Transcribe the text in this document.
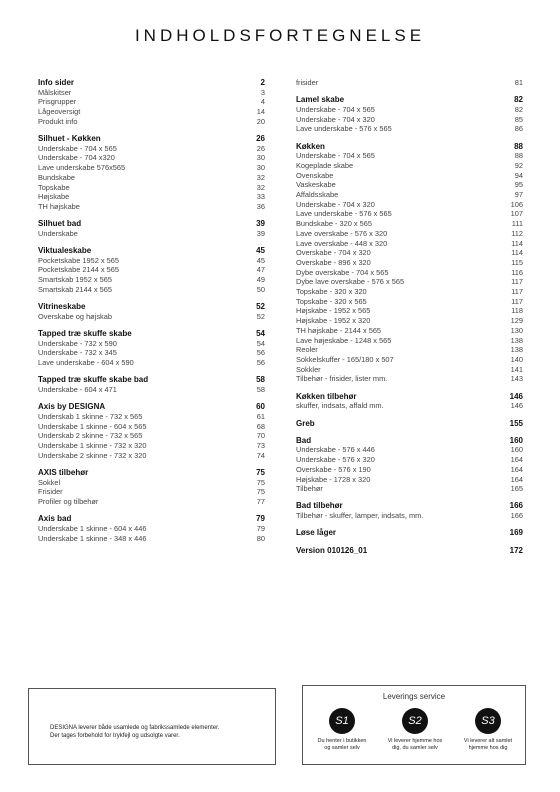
INDHOLDSFORTEGNELSE
Info sider	2
Målskitser	3
Prisgrupper	4
Lågeoversigt	14
Produkt info	20
Silhuet - Køkken	26
Underskabe - 704 x 565	26
Underskabe - 704 x320	30
Lave underskabe 576x565	30
Bundskabe	32
Topskabe	32
Højskabe	33
TH højskabe	36
Silhuet bad	39
Underskabe	39
Viktualeskabe	45
Pocketskabe 1952 x 565	45
Pocketskabe 2144 x 565	47
Smartskab 1952 x 565	49
Smartskab 2144 x 565	50
Vitrineskabe	52
Overskabe og højskab	52
Tapped træ skuffe skabe	54
Underskabe - 732 x 590	54
Underskabe - 732 x 345	56
Lave underskabe - 604 x 590	56
Tapped træ skuffe skabe bad	58
Underskabe - 604 x 471	58
Axis by DESIGNA	60
Underskab 1 skinne - 732 x 565	61
Underskabe 1 skinne - 604 x 565	68
Underskab 2 skinne - 732 x 565	70
Underskabe 1 skinne - 732 x 320	73
Underskabe 2 skinne - 732 x 320	74
AXIS tilbehør	75
Sokkel	75
Frisider	75
Profiler og tilbehør	77
Axis bad	79
Underskabe 1 skinne - 604 x 446	79
Underskabe 1 skinne - 348 x 446	80
frisider	81
Lamel skabe	82
Underskabe - 704 x 565	82
Underskabe - 704 x 320	85
Lave underskabe - 576 x 565	86
Køkken	88
Underskabe - 704 x 565	88
Kogeplade skabe	92
Ovenskabe	94
Vaskeskabe	95
Affaldsskabe	97
Underskabe - 704 x 320	106
Lave underskabe - 576 x 565	107
Bundskabe - 320 x 565	111
Lave overskabe - 576 x 320	112
Lave overskabe - 448 x 320	114
Overskabe - 704 x 320	114
Overskabe - 896 x 320	115
Dybe overskabe - 704 x 565	116
Dybe lave overskabe - 576 x 565	117
Topskabe - 320 x 320	117
Topskabe - 320 x 565	117
Højskabe - 1952 x 565	118
Højskabe - 1952 x 320	129
TH højskabe - 2144 x 565	130
Lave højeskabe - 1248 x 565	138
Reoler	138
Sokkelskuffer - 165/180 x 507	140
Sokkler	141
Tilbehør - frisider, lister mm.	143
Køkken tilbehør	146
skuffer, indsats, affald mm.	146
Greb	155
Bad	160
Underskabe - 576 x 446	160
Underskabe - 576 x 320	164
Overskabe - 576 x 190	164
Højskabe - 1728 x 320	164
Tilbehør	165
Bad tilbehør	166
Tilbehør - skuffer, lamper, indsats, mm.	166
Løse låger	169
Version 010126_01	172
DESIGNA leverer både usamlede og fabrikssamlede elementer.
Der tages forbehold for trykfejl og udsolgte varer.
Leverings service
S1
Du henter i butikken
og samler selv
S2
Vi leverer hjemme hos
dig, du samler selv
S3
Vi leverer alt samlet
hjemme hos dig
